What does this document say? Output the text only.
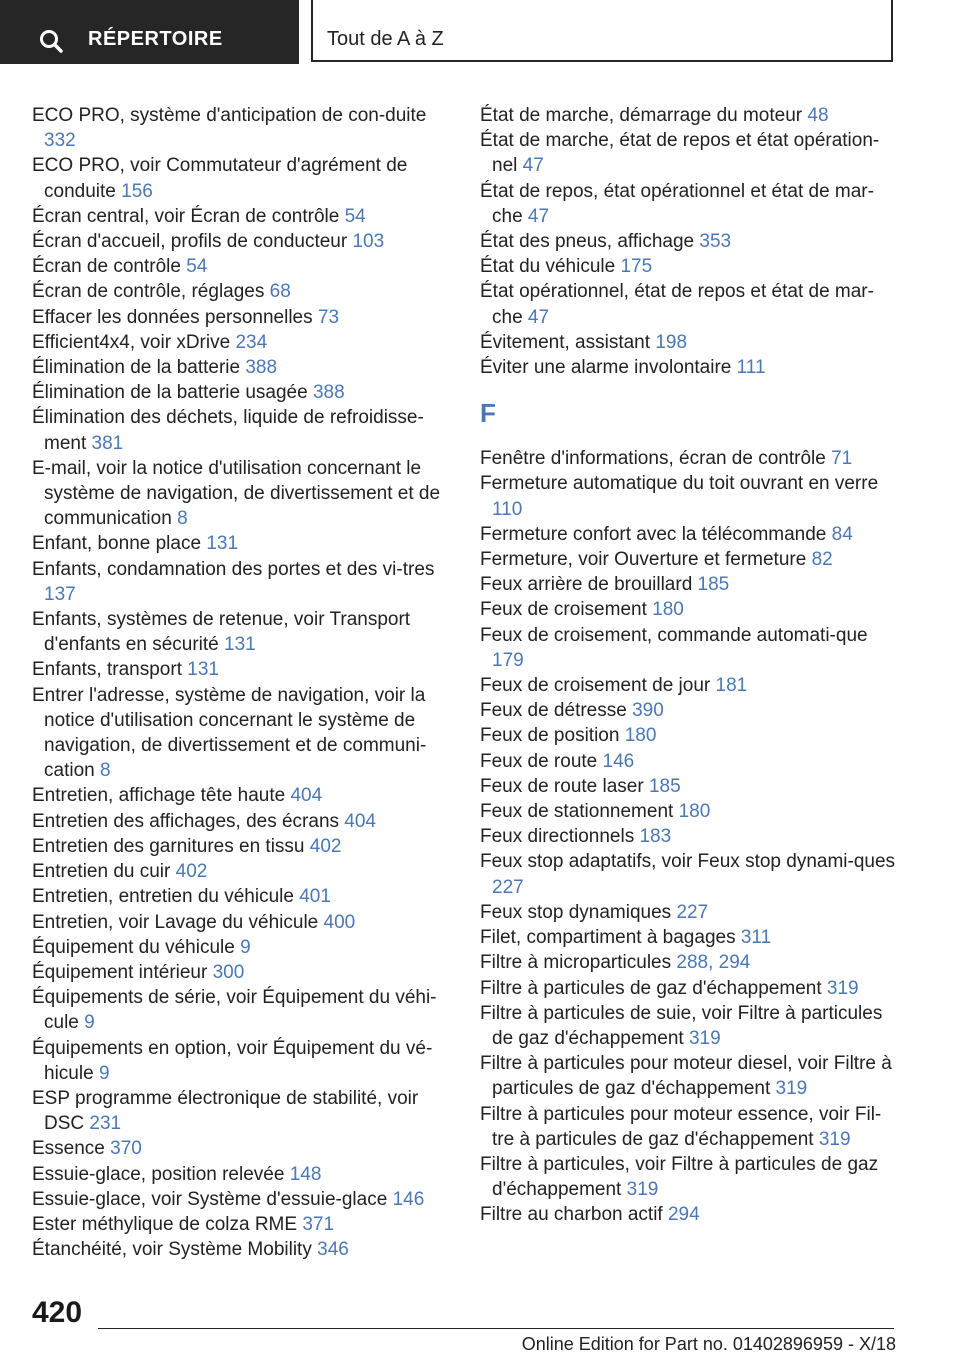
RÉPERTOIRE	Tout de A à Z
ECO PRO, système d'anticipation de con-duite 332
ECO PRO, voir Commutateur d'agrément de conduite 156
Écran central, voir Écran de contrôle 54
Écran d'accueil, profils de conducteur 103
Écran de contrôle 54
Écran de contrôle, réglages 68
Effacer les données personnelles 73
Efficient4x4, voir xDrive 234
Élimination de la batterie 388
Élimination de la batterie usagée 388
Élimination des déchets, liquide de refroidisse-ment 381
E-mail, voir la notice d'utilisation concernant le système de navigation, de divertissement et de communication 8
Enfant, bonne place 131
Enfants, condamnation des portes et des vi-tres 137
Enfants, systèmes de retenue, voir Transport d'enfants en sécurité 131
Enfants, transport 131
Entrer l'adresse, système de navigation, voir la notice d'utilisation concernant le système de navigation, de divertissement et de communi-cation 8
Entretien, affichage tête haute 404
Entretien des affichages, des écrans 404
Entretien des garnitures en tissu 402
Entretien du cuir 402
Entretien, entretien du véhicule 401
Entretien, voir Lavage du véhicule 400
Équipement du véhicule 9
Équipement intérieur 300
Équipements de série, voir Équipement du véhi-cule 9
Équipements en option, voir Équipement du vé-hicule 9
ESP programme électronique de stabilité, voir DSC 231
Essence 370
Essuie-glace, position relevée 148
Essuie-glace, voir Système d'essuie-glace 146
Ester méthylique de colza RME 371
Étanchéité, voir Système Mobility 346
État de marche, démarrage du moteur 48
État de marche, état de repos et état opération-nel 47
État de repos, état opérationnel et état de mar-che 47
État des pneus, affichage 353
État du véhicule 175
État opérationnel, état de repos et état de mar-che 47
Évitement, assistant 198
Éviter une alarme involontaire 111
F
Fenêtre d'informations, écran de contrôle 71
Fermeture automatique du toit ouvrant en verre 110
Fermeture confort avec la télécommande 84
Fermeture, voir Ouverture et fermeture 82
Feux arrière de brouillard 185
Feux de croisement 180
Feux de croisement, commande automati-que 179
Feux de croisement de jour 181
Feux de détresse 390
Feux de position 180
Feux de route 146
Feux de route laser 185
Feux de stationnement 180
Feux directionnels 183
Feux stop adaptatifs, voir Feux stop dynami-ques 227
Feux stop dynamiques 227
Filet, compartiment à bagages 311
Filtre à microparticules 288, 294
Filtre à particules de gaz d'échappement 319
Filtre à particules de suie, voir Filtre à particules de gaz d'échappement 319
Filtre à particules pour moteur diesel, voir Filtre à particules de gaz d'échappement 319
Filtre à particules pour moteur essence, voir Fil-tre à particules de gaz d'échappement 319
Filtre à particules, voir Filtre à particules de gaz d'échappement 319
Filtre au charbon actif 294
420
Online Edition for Part no. 01402896959 - X/18
